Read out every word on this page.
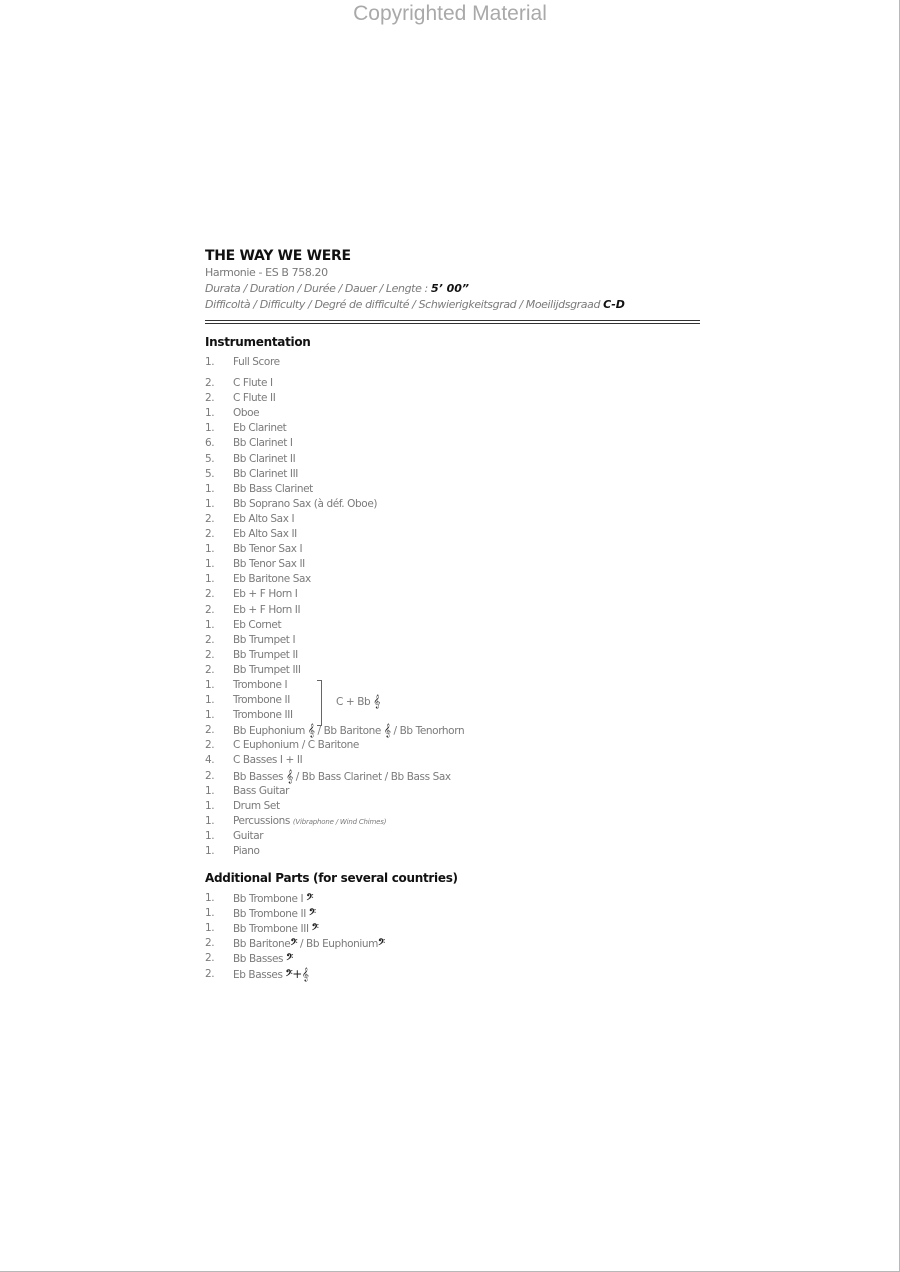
Copyrighted Material
THE WAY WE WERE
Harmonie - ES B 758.20
Durata / Duration / Durée / Dauer / Lengte : 5’ 00”
Difficoltà / Difficulty / Degré de difficulté / Schwierigkeitsgrad / Moeilijdsgraad C-D
Instrumentation
1.	Full Score
2.	C Flute I
2.	C Flute II
1.	Oboe
1.	Eb Clarinet
6.	Bb Clarinet I
5.	Bb Clarinet II
5.	Bb Clarinet III
1.	Bb Bass Clarinet
1.	Bb Soprano Sax (à déf. Oboe)
2.	Eb Alto Sax I
2.	Eb Alto Sax II
1.	Bb Tenor Sax I
1.	Bb Tenor Sax II
1.	Eb Baritone Sax
2.	Eb + F Horn I
2.	Eb + F Horn II
1.	Eb Cornet
2.	Bb Trumpet I
2.	Bb Trumpet II
2.	Bb Trumpet III
1.	Trombone I
1.	Trombone II
1.	Trombone III
C + Bb 𝄞
2.	Bb Euphonium 𝄞 / Bb Baritone 𝄞 / Bb Tenorhorn
2.	C Euphonium / C Baritone
4.	C Basses I + II
2.	Bb Basses 𝄞 / Bb Bass Clarinet / Bb Bass Sax
1.	Bass Guitar
1.	Drum Set
1.	Percussions (Vibraphone / Wind Chimes)
1.	Guitar
1.	Piano
Additional Parts (for several countries)
1.	Bb Trombone I 𝄢
1.	Bb Trombone II 𝄢
1.	Bb Trombone III 𝄢
2.	Bb Baritone𝄢 / Bb Euphonium𝄢
2.	Bb Basses 𝄢
2.	Eb Basses 𝄢+𝄞
